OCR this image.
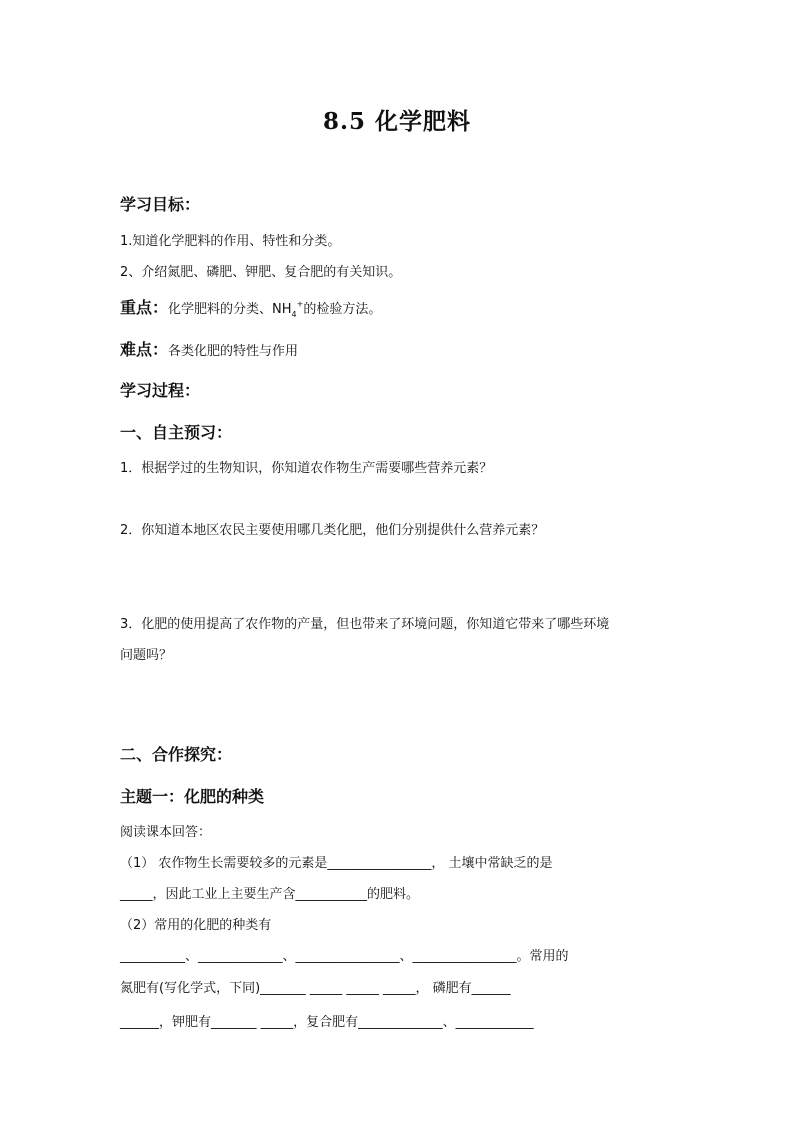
8.5 化学肥料
学习目标：
1.知道化学肥料的作用、特性和分类。
2、介绍氮肥、磷肥、钾肥、复合肥的有关知识。
重点：化学肥料的分类、$NH_4^+$的检验方法。
难点：各类化肥的特性与作用
学习过程：
一、自主预习：
1．根据学过的生物知识，你知道农作物生产需要哪些营养元素？
2．你知道本地区农民主要使用哪几类化肥，他们分别提供什么营养元素？
3．化肥的使用提高了农作物的产量，但也带来了环境问题，你知道它带来了哪些环境
问题吗？
二、合作探究：
主题一：化肥的种类
阅读课本回答：
（1） 农作物生长需要较多的元素是________________， 土壤中常缺乏的是
_____，因此工业上主要生产含___________的肥料。
（2）常用的化肥的种类有
__________、_____________、________________、________________。常用的
氮肥有(写化学式，下同)_______ _____ _____ _____， 磷肥有______
______，钾肥有_______ _____，复合肥有_____________、____________
